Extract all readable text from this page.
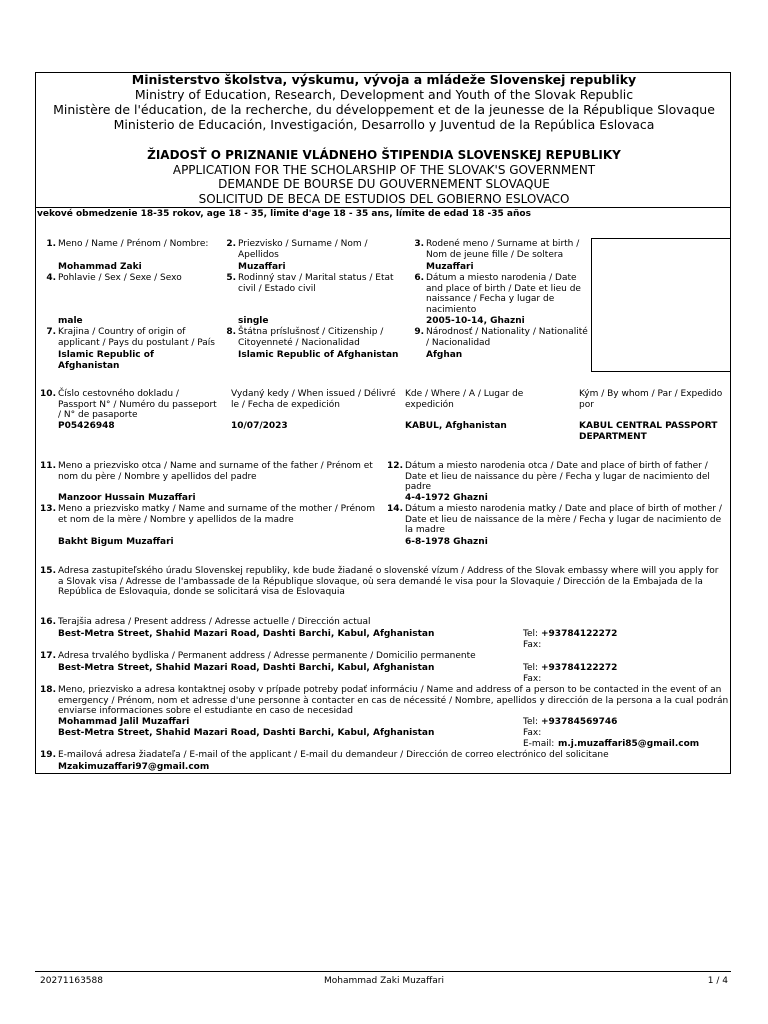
Ministerstvo školstva, výskumu, vývoja a mládeže Slovenskej republiky
Ministry of Education, Research, Development and Youth of the Slovak Republic
Ministère de l'éducation, de la recherche, du développement et de la jeunesse de la République Slovaque
Ministerio de Educación, Investigación, Desarrollo y Juventud de la República Eslovaca
ŽIADOSŤ O PRIZNANIE VLÁDNEHO ŠTIPENDIA SLOVENSKEJ REPUBLIKY
APPLICATION FOR THE SCHOLARSHIP OF THE SLOVAK'S GOVERNMENT
DEMANDE DE BOURSE DU GOUVERNEMENT SLOVAQUE
SOLICITUD DE BECA DE ESTUDIOS DEL GOBIERNO ESLOVACO
vekové obmedzenie 18-35 rokov, age 18 - 35, limite d'age 18 - 35 ans, límite de edad 18 -35 años
1. Meno / Name / Prénom / Nombre:
Mohammad Zaki
2. Priezvisko / Surname / Nom / Apellidos
Muzaffari
3. Rodené meno / Surname at birth / Nom de jeune fille / De soltera
Muzaffari
4. Pohlavie / Sex / Sexe / Sexo
male
5. Rodinný stav / Marital status / Etat civil / Estado civil
single
6. Dátum a miesto narodenia / Date and place of birth / Date et lieu de naissance / Fecha y lugar de nacimiento
2005-10-14, Ghazni
7. Krajina / Country of origin of applicant / Pays du postulant / País
Islamic Republic of Afghanistan
8. Štátna príslušnosť / Citizenship / Citoyenneté / Nacionalidad
Islamic Republic of Afghanistan
9. Národnosť / Nationality / Nationalité / Nacionalidad
Afghan
10. Číslo cestovného dokladu / Passport N° / Numéro du passeport / N° de pasaporte
P05426948
Vydaný kedy / When issued / Délivré le / Fecha de expedición
10/07/2023
Kde / Where / A / Lugar de expedición
KABUL, Afghanistan
Kým / By whom / Par / Expedido por
KABUL CENTRAL PASSPORT DEPARTMENT
11. Meno a priezvisko otca / Name and surname of the father / Prénom et nom du père / Nombre y apellidos del padre
Manzoor Hussain Muzaffari
12. Dátum a miesto narodenia otca / Date and place of birth of father / Date et lieu de naissance du père / Fecha y lugar de nacimiento del padre
4-4-1972 Ghazni
13. Meno a priezvisko matky / Name and surname of the mother / Prénom et nom de la mère / Nombre y apellidos de la madre
Bakht Bigum Muzaffari
14. Dátum a miesto narodenia matky / Date and place of birth of mother / Date et lieu de naissance de la mère / Fecha y lugar de nacimiento de la madre
6-8-1978 Ghazni
15. Adresa zastupiteľského úradu Slovenskej republiky, kde bude žiadané o slovenské vízum / Address of the Slovak embassy where will you apply for a Slovak visa / Adresse de l'ambassade de la République slovaque, où sera demandé le visa pour la Slovaquie / Dirección de la Embajada de la República de Eslovaquia, donde se solicitará visa de Eslovaquia
16. Terajšia adresa / Present address / Adresse actuelle / Dirección actual
Best-Metra Street, Shahid Mazari Road, Dashti Barchi, Kabul, Afghanistan	Tel: +93784122272
Fax:
17. Adresa trvalého bydliska / Permanent address / Adresse permanente / Domicilio permanente
Best-Metra Street, Shahid Mazari Road, Dashti Barchi, Kabul, Afghanistan	Tel: +93784122272
Fax:
18. Meno, priezvisko a adresa kontaktnej osoby v prípade potreby podať informáciu / Name and address of a person to be contacted in the event of an emergency / Prénom, nom et adresse d'une personne à contacter en cas de nécessité / Nombre, apellidos y dirección de la persona a la cual podrán enviarse informaciones sobre el estudiante en caso de necesidad
Mohammad Jalil Muzaffari
Best-Metra Street, Shahid Mazari Road, Dashti Barchi, Kabul, Afghanistan
Tel: +93784569746
Fax:
E-mail: m.j.muzaffari85@gmail.com
19. E-mailová adresa žiadateľa / E-mail of the applicant / E-mail du demandeur / Dirección de correo electrónico del solicitane
Mzakimuzaffari97@gmail.com
20271163588	Mohammad Zaki Muzaffari	1 / 4
